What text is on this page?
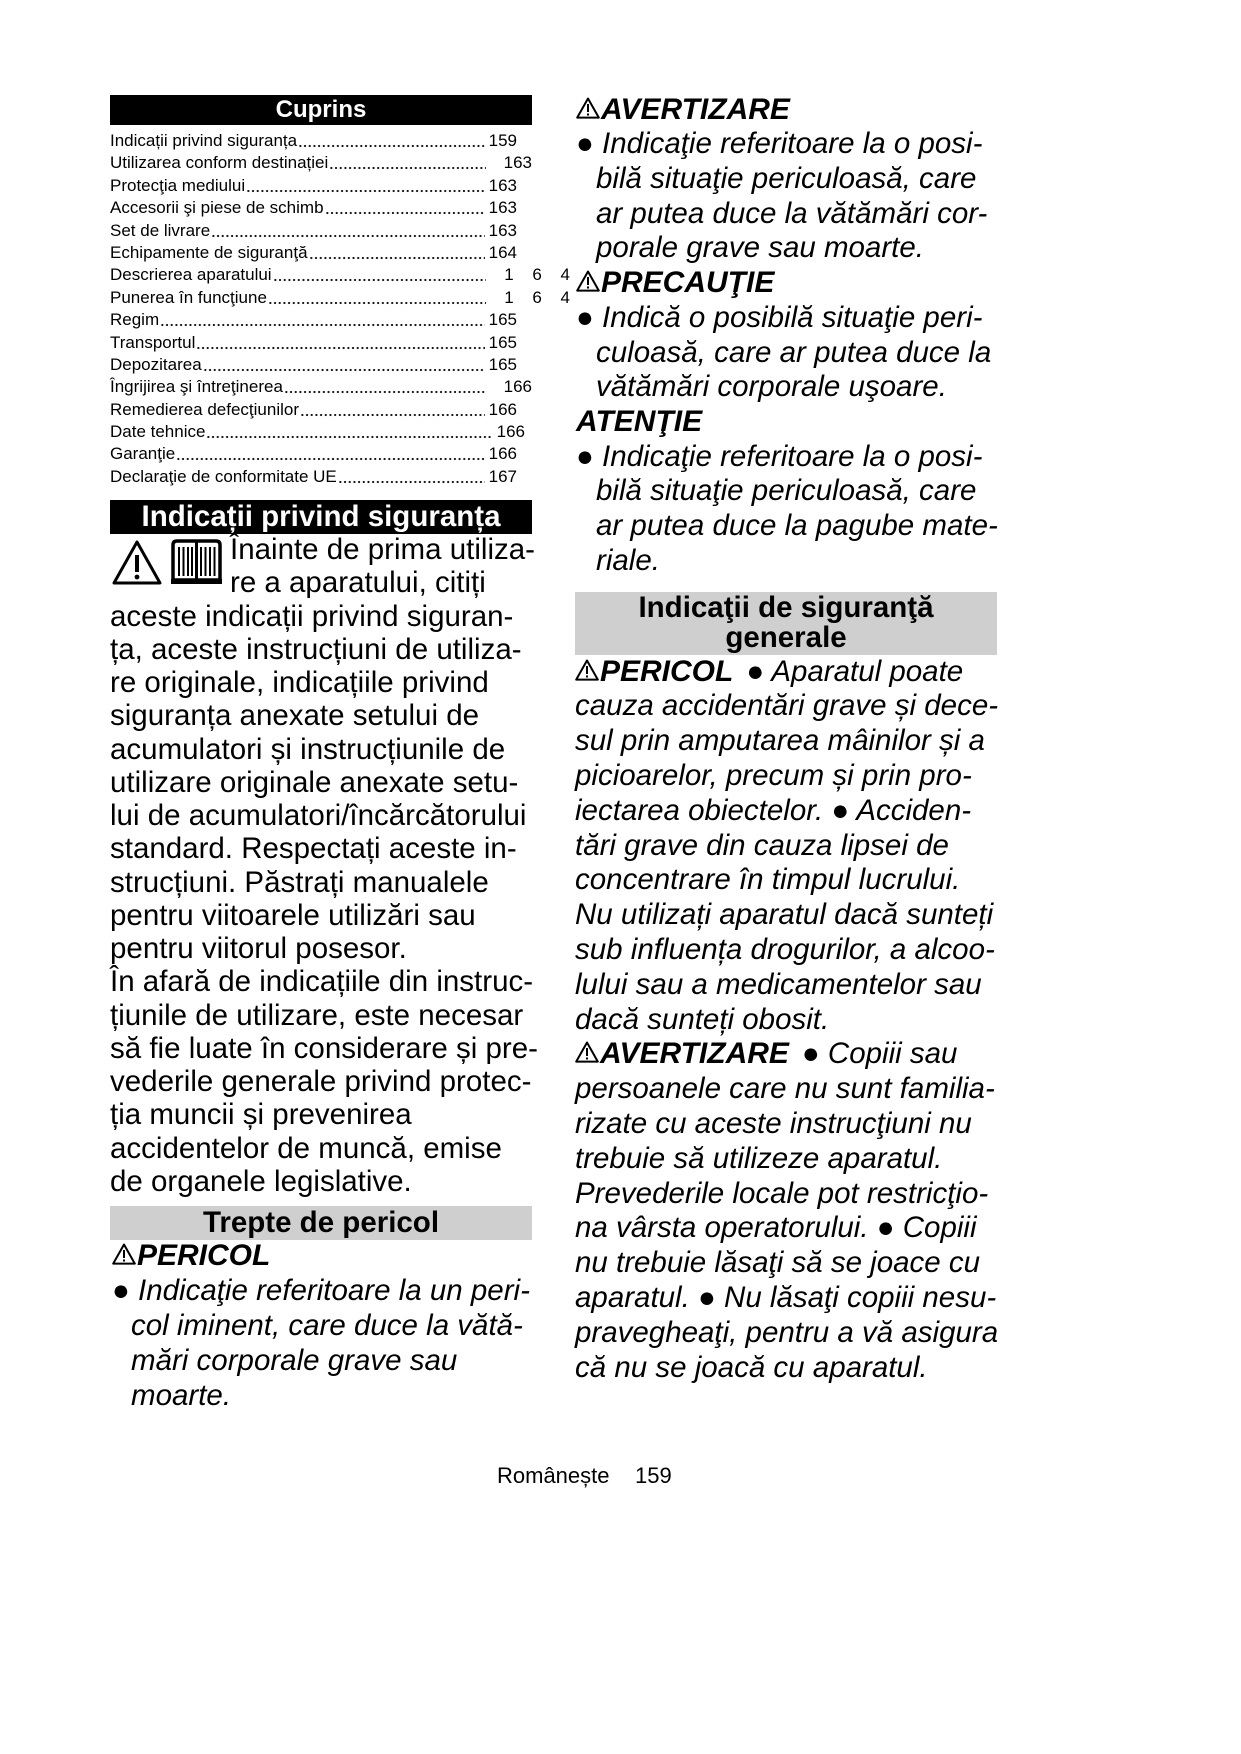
Cuprins
Indicații privind siguranța	159
Utilizarea conform destinației	163
Protecţia mediului	163
Accesorii şi piese de schimb	163
Set de livrare	163
Echipamente de siguranţă	164
Descrierea aparatului	1 6 4
Punerea în funcţiune	1 6 4
Regim	165
Transportul	165
Depozitarea	165
Îngrijirea şi întreţinerea	166
Remedierea defecţiunilor	166
Date tehnice	166
Garanţie	166
Declaraţie de conformitate UE	167
Indicații privind siguranța
Înainte de prima utiliza-
re a aparatului, citiți
aceste indicații privind siguran-
ța, aceste instrucțiuni de utiliza-
re originale, indicațiile privind
siguranța anexate setului de
acumulatori și instrucțiunile de
utilizare originale anexate setu-
lui de acumulatori/încărcătorului
standard. Respectați aceste in-
strucțiuni. Păstrați manualele
pentru viitoarele utilizări sau
pentru viitorul posesor.
În afară de indicațiile din instruc-
țiunile de utilizare, este necesar
să fie luate în considerare și pre-
vederile generale privind protec-
ția muncii și prevenirea
accidentelor de muncă, emise
de organele legislative.
Trepte de pericol
PERICOL
● Indicaţie referitoare la un peri-
col iminent, care duce la vătă-
mări corporale grave sau
moarte.
AVERTIZARE
● Indicaţie referitoare la o posi-
bilă situaţie periculoasă, care
ar putea duce la vătămări cor-
porale grave sau moarte.
PRECAUŢIE
● Indică o posibilă situaţie peri-
culoasă, care ar putea duce la
vătămări corporale uşoare.
ATENŢIE
● Indicaţie referitoare la o posi-
bilă situaţie periculoasă, care
ar putea duce la pagube mate-
riale.
Indicaţii de siguranţă
generale
PERICOL ● Aparatul poate
cauza accidentări grave și dece-
sul prin amputarea mâinilor și a
picioarelor, precum și prin pro-
iectarea obiectelor. ● Acciden-
tări grave din cauza lipsei de
concentrare în timpul lucrului.
Nu utilizați aparatul dacă sunteți
sub influența drogurilor, a alcoo-
lului sau a medicamentelor sau
dacă sunteți obosit.
AVERTIZARE ● Copiii sau
persoanele care nu sunt familia-
rizate cu aceste instrucţiuni nu
trebuie să utilizeze aparatul.
Prevederile locale pot restricţio-
na vârsta operatorului. ● Copiii
nu trebuie lăsaţi să se joace cu
aparatul. ● Nu lăsaţi copiii nesu-
pravegheaţi, pentru a vă asigura
că nu se joacă cu aparatul.
Românește 159
